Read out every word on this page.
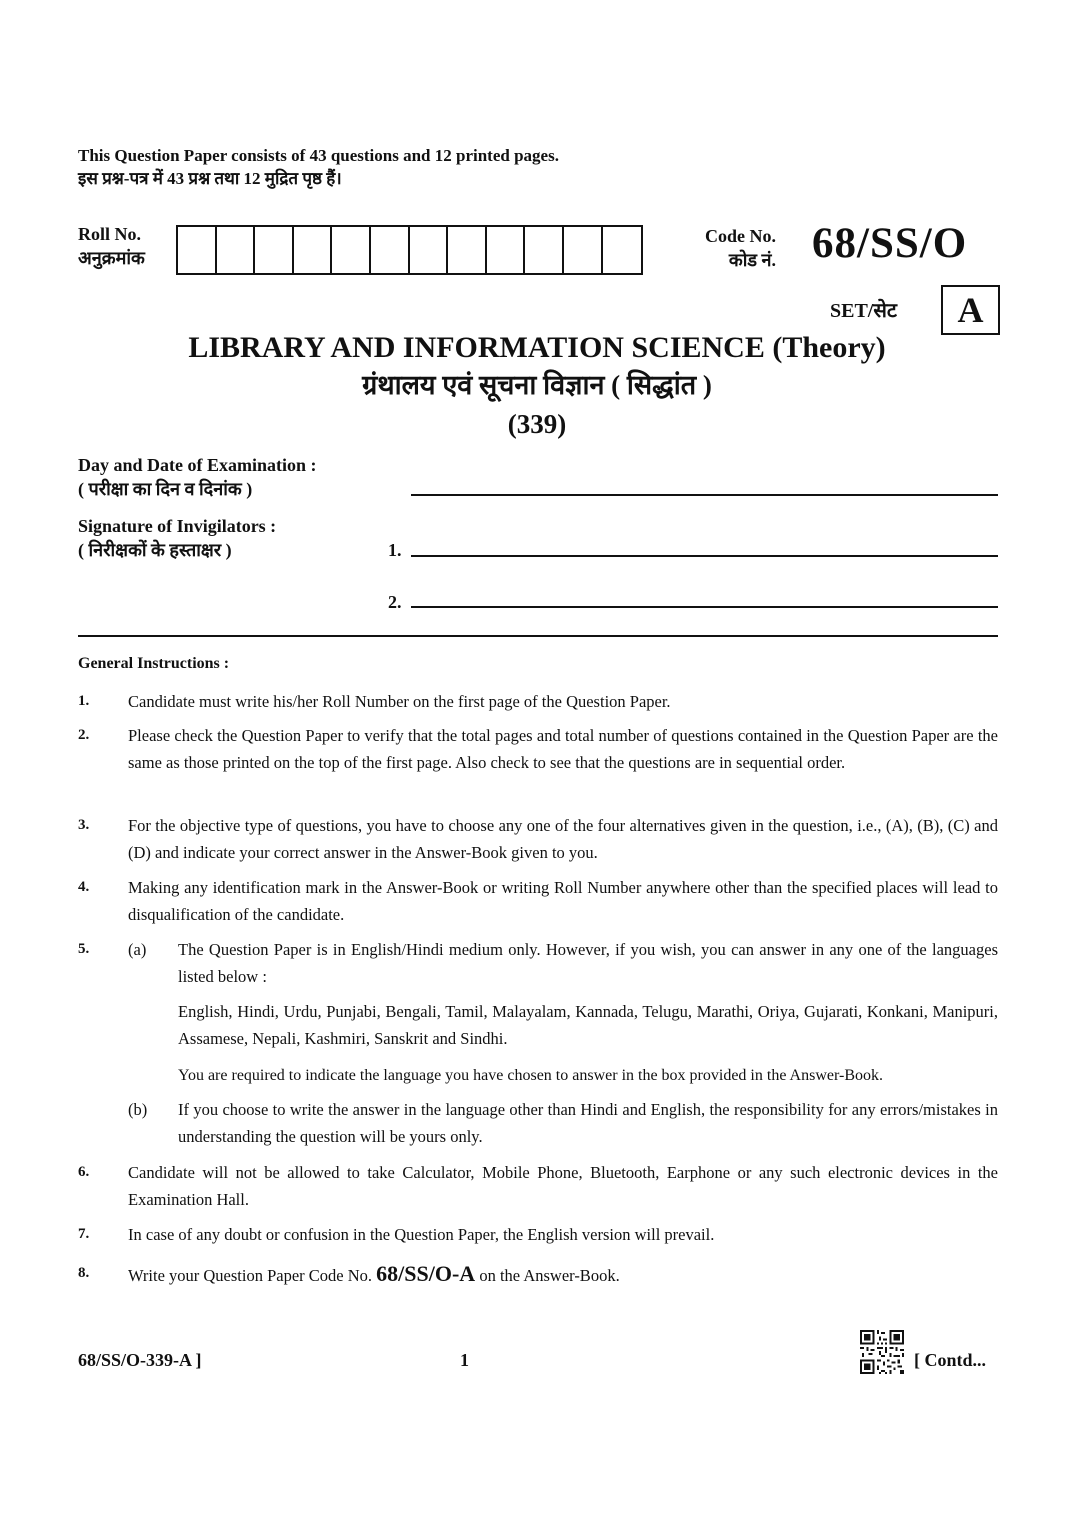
This Question Paper consists of 43 questions and 12 printed pages.
इस प्रश्न-पत्र में 43 प्रश्न तथा 12 मुद्रित पृष्ठ हैं।
Roll No.
अनुक्रमांक
Code No.
कोड नं. 68/SS/O
SET/सेट	A
LIBRARY AND INFORMATION SCIENCE (Theory)
ग्रंथालय एवं सूचना विज्ञान ( सिद्धांत )
(339)
Day and Date of Examination :
( परीक्षा का दिन व दिनांक )
Signature of Invigilators :
( निरीक्षकों के हस्ताक्षर )	1.
2.
General Instructions :
1. Candidate must write his/her Roll Number on the first page of the Question Paper.
2. Please check the Question Paper to verify that the total pages and total number of questions contained in the Question Paper are the same as those printed on the top of the first page. Also check to see that the questions are in sequential order.
3. For the objective type of questions, you have to choose any one of the four alternatives given in the question, i.e., (A), (B), (C) and (D) and indicate your correct answer in the Answer-Book given to you.
4. Making any identification mark in the Answer-Book or writing Roll Number anywhere other than the specified places will lead to disqualification of the candidate.
5. (a) The Question Paper is in English/Hindi medium only. However, if you wish, you can answer in any one of the languages listed below :
English, Hindi, Urdu, Punjabi, Bengali, Tamil, Malayalam, Kannada, Telugu, Marathi, Oriya, Gujarati, Konkani, Manipuri, Assamese, Nepali, Kashmiri, Sanskrit and Sindhi.
You are required to indicate the language you have chosen to answer in the box provided in the Answer-Book.
(b) If you choose to write the answer in the language other than Hindi and English, the responsibility for any errors/mistakes in understanding the question will be yours only.
6. Candidate will not be allowed to take Calculator, Mobile Phone, Bluetooth, Earphone or any such electronic devices in the Examination Hall.
7. In case of any doubt or confusion in the Question Paper, the English version will prevail.
8. Write your Question Paper Code No. 68/SS/O-A on the Answer-Book.
68/SS/O-339-A ]	1	[ Contd...
